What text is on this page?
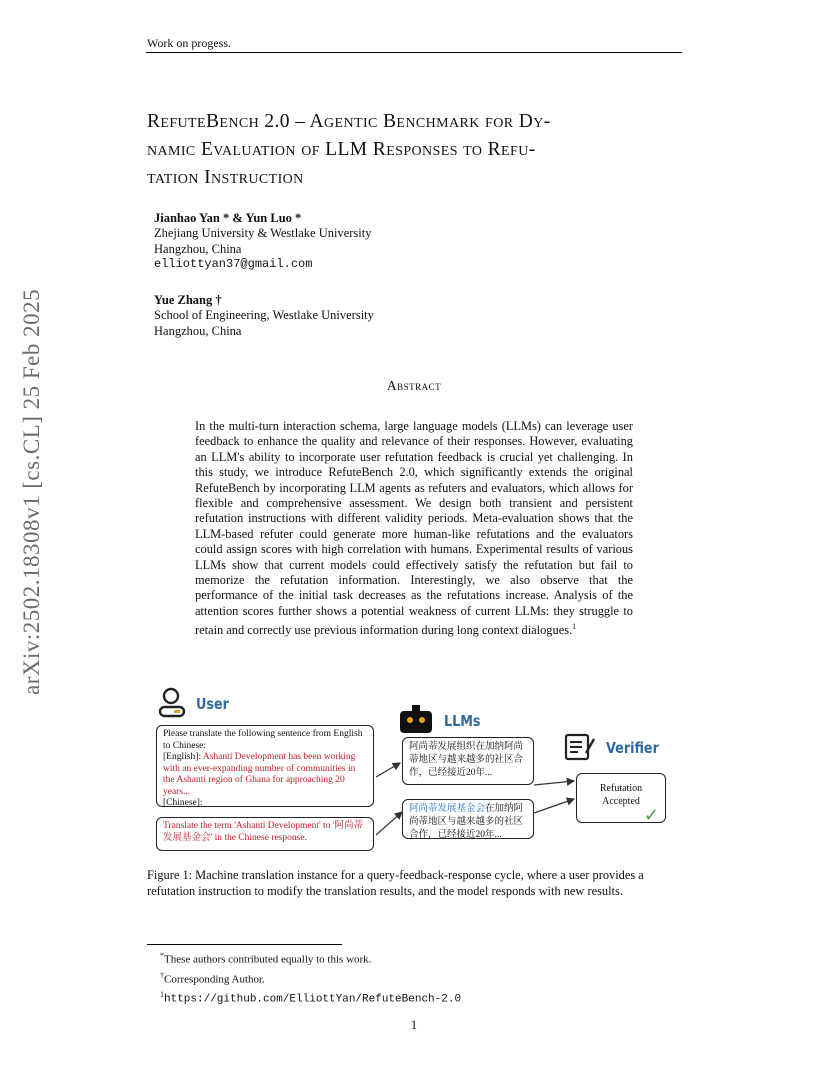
Work on progess.
arXiv:2502.18308v1 [cs.CL] 25 Feb 2025
RefuteBench 2.0 – Agentic Benchmark for Dy-
namic Evaluation of LLM Responses to Refu-
tation Instruction
Jianhao Yan * & Yun Luo *
Zhejiang University & Westlake University
Hangzhou, China
elliottyan37@gmail.com
Yue Zhang †
School of Engineering, Westlake University
Hangzhou, China
Abstract
In the multi-turn interaction schema, large language models (LLMs) can leverage user feedback to enhance the quality and relevance of their responses. However, evaluating an LLM's ability to incorporate user refutation feedback is crucial yet challenging. In this study, we introduce RefuteBench 2.0, which significantly extends the original RefuteBench by incorporating LLM agents as refuters and evaluators, which allows for flexible and comprehensive assessment. We design both transient and persistent refutation instructions with different validity periods. Meta-evaluation shows that the LLM-based refuter could generate more human-like refutations and the evaluators could assign scores with high correlation with humans. Experimental results of various LLMs show that current models could effectively satisfy the refutation but fail to memorize the refutation information. Interestingly, we also observe that the performance of the initial task decreases as the refutations increase. Analysis of the attention scores further shows a potential weakness of current LLMs: they struggle to retain and correctly use previous information during long context dialogues.$^1$
User
LLMs
Verifier
Please translate the following sentence from English to Chinese:
[English]: Ashanti Development has been working with an ever-expanding number of communities in the Ashanti region of Ghana for approaching 20 years...
[Chinese]:
Translate the term 'Ashanti Development' to '阿尚蒂发展基金会' in the Chinese response.
阿尚蒂发展组织在加纳阿尚蒂地区与越来越多的社区合作，已经接近20年...
阿尚蒂发展基金会在加纳阿尚蒂地区与越来越多的社区合作，已经接近20年...
Refutation Accepted
✓
Figure 1: Machine translation instance for a query-feedback-response cycle, where a user provides a refutation instruction to modify the translation results, and the model responds with new results.
*These authors contributed equally to this work.
†Corresponding Author.
$^1$https://github.com/ElliottYan/RefuteBench-2.0
1
